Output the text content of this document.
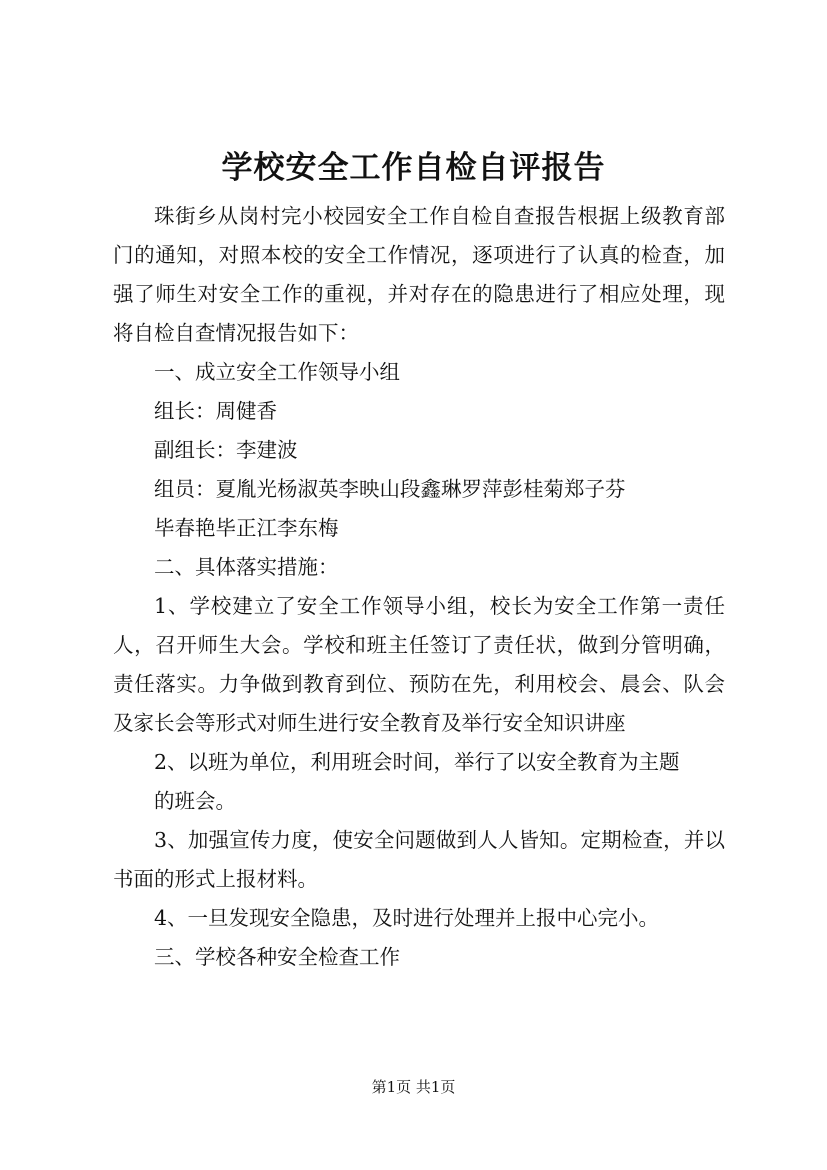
学校安全工作自检自评报告

珠街乡从岗村完小校园安全工作自检自查报告根据上级教育部门的通知，对照本校的安全工作情况，逐项进行了认真的检查，加强了师生对安全工作的重视，并对存在的隐患进行了相应处理，现将自检自查情况报告如下：

一、成立安全工作领导小组

组长：周健香

副组长：李建波

组员：夏胤光杨淑英李映山段鑫琳罗萍彭桂菊郑子芬

毕春艳毕正江李东梅

二、具体落实措施：

1、学校建立了安全工作领导小组，校长为安全工作第一责任人，召开师生大会。学校和班主任签订了责任状，做到分管明确，责任落实。力争做到教育到位、预防在先，利用校会、晨会、队会及家长会等形式对师生进行安全教育及举行安全知识讲座

2、以班为单位，利用班会时间，举行了以安全教育为主题

的班会。

3、加强宣传力度，使安全问题做到人人皆知。定期检查，并以书面的形式上报材料。

4、一旦发现安全隐患，及时进行处理并上报中心完小。

三、学校各种安全检查工作

第1页 共1页
